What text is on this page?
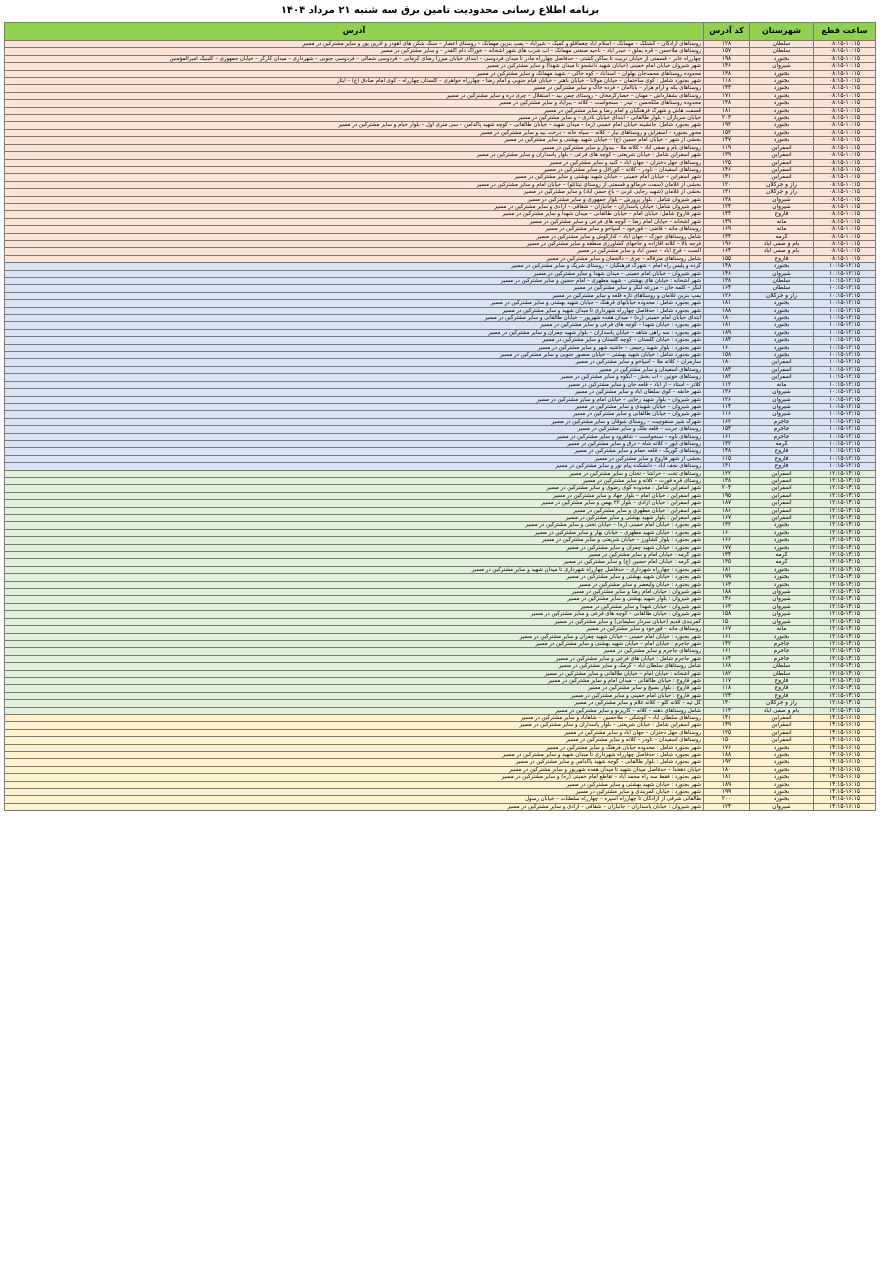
برنامه اطلاع رسانی محدودیت تامین برق سه شنبه ۲۱ مرداد ۱۴۰۴
ساعت قطع	شهرستان	کد آدرس	آدرس
۰۸:۱۵-۱۰:۱۵	سلطان	۱۲۸	روستاهای آزادگان – کشتلک – مهمانک – اسلام آباد چغماقلو و کمیک – شیرآباد – پمپ بنزین مهمانک – روستای اعصار – سنگ شکن های اهودر و آذرین پور و سایر مشترکین در مسیر
۰۸:۱۵-۱۰:۱۵	سلطان	۱۵۷	روستاهای ملاحسن – قره بملق – حیدر آباد – ناحیه صنعتی مهمانک – آب شرب های شهر آشخانه – خوراک دام اکفدر – و سایر مشترکین در مسیر
۰۸:۱۵-۱۰:۱۵	بجنورد	۱۹۸	چهارراه عابر – قسمتی از خیابان تربیت تا ساکن کشتی – حدفاصل چهارراه مادر تا میدان فردوسی – ابتدای خیابان میرزا رضای کرمانی – فردوسی شمالی – فردوسی جنوبی – شهرداری – میدان کارگر – خیابان جمهوری – کلینیک امیرالمؤمنین
۰۸:۱۵-۱۰:۱۵	شیروان	۱۴۶	شهر شیروان خیابان امام خمینی (خیابان شهید دانشجو تا میدان شهدا) و سایر مشترکین در مسیر
۰۸:۱۵-۱۰:۱۵	بجنورد	۱۳۸	محدوده روستاهای محمدخان بهلوان – اسدآباد – کوه خاکی – شهید مهمانک و سایر مشترکین در مسیر
۰۸:۱۵-۱۰:۱۵	بجنورد	۱۱۸	شهر بجنورد شامل : کوی ساختمان – خیابان مولانا – خیابان باهنر – خیابان قیام جنوبی و امام رضا – چهارراه خواهری – گلستان چهارراه – کوی امام صادق (ع) – ایثار
۰۸:۱۵-۱۰:۱۵	بجنورد	۱۴۳	روستاهای یکه و آرام هزار – باباامان – فرده خاک و سایر مشترکین در مسیر
۰۸:۱۵-۱۰:۱۵	بجنورد	۱۷۱	روستاهای بشقارداش – مهنان – حصارگرمخان – روستای چمن بید – استقلال – چری دره و سایر مشترکین در مسیر
۰۸:۱۵-۱۰:۱۵	بجنورد	۱۴۸	محدوده روستاهای ملکحسن – تیدر – سنخواست – کلاته – ببرآباد و سایر مشترکین در مسیر
۰۸:۱۵-۱۰:۱۵	بجنورد	۱۸۱	قسمت هاش و شهرک فرهنگیان و امام رضا و سایر مشترکین در مسیر
۰۸:۱۵-۱۰:۱۵	بجنورد	۲۰۳	خیابان سربازان – بلوار طالقانی – ابتدای خیابان نادری – و سایر مشترکین در مسیر
۰۸:۱۵-۱۰:۱۵	بجنورد	۱۹۲	شهر بجنورد شامل: جانشینه خیابان امام خمینی (ره) – میدان شهید – خیابان طالقانی – گوچه شهید پاکدامن – سی متری اول – بلوار خیام و سایر مشترکین در مسیر
۰۸:۱۵-۱۰:۱۵	بجنورد	۱۵۲	محور بجنورد – اسفراین و روستاهای بیار – کلاته – سیاه خانه – درخت بید و سایر مشترکین در مسیر
۰۸:۱۵-۱۰:۱۵	بجنورد	۱۴۷	بخشی از شهر – خیابان امام حسین (ع) – خیابان شهید بهشتی و سایر مشترکین در مسیر
۰۸:۱۵-۱۰:۱۵	اسفراین	۱۱۹	روستاهای بام و صفی آباد – کلاته ملا – بیدواز و سایر مشترکین در مسیر
۰۸:۱۵-۱۰:۱۵	اسفراین	۱۳۹	شهر اسفراین شامل : خیابان شریعتی – کوچه های فرعی – بلوار پاسداران و سایر مشترکین در مسیر
۰۸:۱۵-۱۰:۱۵	اسفراین	۱۲۵	روستاهای جهل دختران – جهان آباد – گنبد و سایر مشترکین در مسیر
۰۸:۱۵-۱۰:۱۵	اسفراین	۱۴۶	روستاهای اسفیدان – ناودر – کلاته – کوراغل و سایر مشترکین در مسیر
۰۸:۱۵-۱۰:۱۵	اسفراین	۱۴۱	شهر اسفراین – خیابان امام خمینی – خیابان شهید بهشتی و سایر مشترکین در مسیر
۰۸:۱۵-۱۰:۱۵	راز و جرگلان	۱۲۰	بخشی از غلامان (سمت خرمالو و قسمتی از روستای تیتانلو) – خیابان امام و سایر مشترکین در مسیر
۰۸:۱۵-۱۰:۱۵	راز و جرگلان	۱۳۱	بخشی از غلامان (شهید رجایی غربی – باغ حسن آباد) و سایر مشترکین در مسیر
۰۸:۱۵-۱۰:۱۵	شیروان	۱۳۸	شهر شیروان شامل : بلوار پرورش – بلوار جمهوری و سایر مشترکین در مسیر
۰۸:۱۵-۱۰:۱۵	شیروان	۱۲۴	شهر شیروان شامل: خیابان پاسداران – جانبازان – شقاقی – آزادی و سایر مشترکین در مسیر
۰۸:۱۵-۱۰:۱۵	فاروج	۱۴۴	شهر فاروج شامل: خیابان امام – خیابان طالقانی – میدان شهدا و سایر مشترکین در مسیر
۰۸:۱۵-۱۰:۱۵	مانه	۱۴۹	شهر آشخانه – خیابان امام رضا – کوچه های فرعی و سایر مشترکین در مسیر
۰۸:۱۵-۱۰:۱۵	مانه	۱۶۹	روستاهای مانه – قاضی – قورخود – اسپاخو و سایر مشترکین در مسیر
۰۸:۱۵-۱۰:۱۵	گرمه	۱۳۴	شامل روستاهای جوزک – جهان آباد – کنارگوش و سایر مشترکین در مسیر
۰۸:۱۵-۱۰:۱۵	بام و صفی آباد	۱۹۶	فرجه بالا – کلاته آقازاده و جاجهای کشاورزی منطقه و سایر مشترکین در مسیر
۰۸:۱۵-۱۰:۱۵	بام و صفی آباد	۱۶۴	الست – فرج آباد – حسن آباد و سایر مشترکین در مسیر
۰۸:۱۵-۱۰:۱۵	فاروج	۱۵۵	شامل روستاهای مترقاله – چری – دالجمان و سایر مشترکین در مسیر
۱۰:۱۵-۱۲:۱۵	بجنورد	۱۴۸	گرده و پلیس راه امام – شهرک فرهنگیان – روستای شریک و سایر مشترکین در مسیر
۱۰:۱۵-۱۲:۱۵	شیروان	۱۴۶	شهر شیروان – خیابان امام خمینی – میدان شهدا و سایر مشترکین در مسیر
۱۰:۱۵-۱۲:۱۵	سلطان	۱۳۸	شهر آشخانه : خیابان های بهشتی – شهید مطهری – امام حسین و سایر مشترکین در مسیر
۱۰:۱۵-۱۲:۱۵	سلطان	۱۶۴	لنگر – کلمه خان – مزرعه لنگر و سایر مشترکین در مسیر
۱۰:۱۵-۱۲:۱۵	راز و جرگلان	۱۲۶	پمپ بنزین غلامان و روستاهای تازه قلعه و سایر مشترکین در مسیر
۱۰:۱۵-۱۲:۱۵	بجنورد	۱۸۱	شهر بجنورد شامل : محدوده خیابانهای فرهنگ – خیابان شهید بهشتی و سایر مشترکین در مسیر
۱۰:۱۵-۱۲:۱۵	بجنورد	۱۸۸	شهر بجنورد شامل : حدفاصل چهارراه شهرداری تا میدان شهید و سایر مشترکین در مسیر
۱۰:۱۵-۱۲:۱۵	بجنورد	۱۸۰	ابتدای خیابان امام خمینی (ره) – میدان هفده شهریور – خیابان طالقانی و سایر مشترکین در مسیر
۱۰:۱۵-۱۲:۱۵	بجنورد	۱۸۱	شهر بجنورد : خیابان شهدا – کوچه های فرعی و سایر مشترکین در مسیر
۱۰:۱۵-۱۲:۱۵	بجنورد	۱۸۹	شهر بجنورد : سه راهی شاهد – خیابان پاسداران – بلوار شهید چمران و سایر مشترکین در مسیر
۱۰:۱۵-۱۲:۱۵	بجنورد	۱۸۴	شهر بجنورد : خیابان گلستان – کوچه گلستان و سایر مشترکین در مسیر
۱۰:۱۵-۱۲:۱۵	بجنورد	۱۶۰	شهر بجنورد : بلوار شهید رحیمی – حاشیه شهر و سایر مشترکین در مسیر
۱۰:۱۵-۱۲:۱۵	بجنورد	۱۵۸	شهر بجنورد شامل : خیابان شهید بهشتی – خیابان منصور جنوبی و سایر مشترکین در مسیر
۱۰:۱۵-۱۲:۱۵	اسفراین	۱۸۰	سارمران – کلاته ملا – اسپاخو و سایر مشترکین در مسیر
۱۰:۱۵-۱۲:۱۵	اسفراین	۱۸۳	روستاهای اسفیدان و سایر مشترکین در مسیر
۱۰:۱۵-۱۲:۱۵	اسفراین	۱۸۲	روستاهای خونین – آب بخش – آبکوه و سایر مشترکین در مسیر
۱۰:۱۵-۱۲:۱۵	مانه	۱۱۲	کلاتر – استاد – ار آباد – قلعه خان و سایر مشترکین در مسیر
۱۰:۱۵-۱۲:۱۵	شیروان	۱۳۶	شهر خانقه – کوی سلطان آباد و سایر مشترکین در مسیر
۱۰:۱۵-۱۲:۱۵	شیروان	۱۲۶	شهر شیروان – بلوار شهید رجایی – خیابان امام و سایر مشترکین در مسیر
۱۰:۱۵-۱۲:۱۵	شیروان	۱۱۴	شهر شیروان – خیابان شهیدی و سایر مشترکین در مسیر
۱۰:۱۵-۱۲:۱۵	شیروان	۱۱۶	شهر شیروان – خیابان طالقانی و سایر مشترکین در مسیر
۱۰:۱۵-۱۲:۱۵	جاجرم	۱۶۲	شهرک شیر سنقوچیت – روستای شوقان و سایر مشترکین در مسیر
۱۰:۱۵-۱۲:۱۵	جاجرم	۱۵۳	روستاهای جربت – قلعه ملک و سایر مشترکین در مسیر
۱۰:۱۵-۱۲:۱۵	جاجرم	۱۶۱	روستاهای ناوه – سنخواست – شاهرود و سایر مشترکین در مسیر
۱۰:۱۵-۱۲:۱۵	گرمه	۱۳۲	روستاهای ایور – کلاته شاه – درق و سایر مشترکین در مسیر
۱۰:۱۵-۱۲:۱۵	فاروج	۱۴۸	روستاهای گوریک – قلعه حمام و سایر مشترکین در مسیر
۱۰:۱۵-۱۲:۱۵	فاروج	۱۱۵	بخشی از شهر فاروج و سایر مشترکین در مسیر
۱۰:۱۵-۱۲:۱۵	فاروج	۱۳۱	روستاهای نجف آباد – دانشکده پیام نور و سایر مشترکین در مسیر
۱۲:۱۵-۱۴:۱۵	اسفراین	۱۲۲	روستاهای تخت – خراشا – تختان و سایر مشترکین در مسیر
۱۲:۱۵-۱۴:۱۵	اسفراین	۱۳۸	روستای قره قورت – کلاته و سایر مشترکین در مسیر
۱۲:۱۵-۱۴:۱۵	اسفراین	۲۰۴	شهر اسفراین شامل : محدوده کوی رضوی و سایر مشترکین در مسیر
۱۲:۱۵-۱۴:۱۵	اسفراین	۱۹۵	شهر اسفراین : خیابان امام – بلوار جهاد و سایر مشترکین در مسیر
۱۲:۱۵-۱۴:۱۵	اسفراین	۱۸۷	شهر اسفراین : خیابان آزادی – بلوار ۲۲ بهمن و سایر مشترکین در مسیر
۱۲:۱۵-۱۴:۱۵	اسفراین	۱۸۶	شهر اسفراین : خیابان مطهری و سایر مشترکین در مسیر
۱۲:۱۵-۱۴:۱۵	اسفراین	۱۶۷	شهر اسفراین : بلوار شهید بهشتی و سایر مشترکین در مسیر
۱۲:۱۵-۱۴:۱۵	بجنورد	۱۳۲	شهر بجنورد : خیابان امام خمینی (ره) – خیابان تختی و سایر مشترکین در مسیر
۱۲:۱۵-۱۴:۱۵	بجنورد	۱۶۰	شهر بجنورد : خیابان شهید مطهری – خیابان بهار و سایر مشترکین در مسیر
۱۲:۱۵-۱۴:۱۵	بجنورد	۱۶۶	شهر بجنورد : بلوار کشاورز – خیابان شریعتی و سایر مشترکین در مسیر
۱۲:۱۵-۱۴:۱۵	بجنورد	۱۷۷	شهر بجنورد : خیابان شهید چمران و سایر مشترکین در مسیر
۱۲:۱۵-۱۴:۱۵	گرمه	۱۳۴	شهر گرمه : خیابان امام و سایر مشترکین در مسیر
۱۲:۱۵-۱۴:۱۵	گرمه	۱۳۵	شهر گرمه : خیابان امام حسین (ع) و سایر مشترکین در مسیر
۱۲:۱۵-۱۴:۱۵	بجنورد	۱۸۱	شهر بجنورد : چهارراه شهرداری – حدفاصل چهارراه شهرداری تا میدان شهید و سایر مشترکین در مسیر
۱۲:۱۵-۱۴:۱۵	بجنورد	۱۹۹	شهر بجنورد : خیابان شهید بهشتی و سایر مشترکین در مسیر
۱۲:۱۵-۱۴:۱۵	بجنورد	۱۶۳	شهر بجنورد : خیابان ولیعصر و سایر مشترکین در مسیر
۱۲:۱۵-۱۴:۱۵	شیروان	۱۸۸	شهر شیروان : خیابان امام رضا و سایر مشترکین در مسیر
۱۲:۱۵-۱۴:۱۵	شیروان	۱۳۶	شهر شیروان : بلوار شهید بهشتی و سایر مشترکین در مسیر
۱۲:۱۵-۱۴:۱۵	شیروان	۱۶۳	شهر شیروان : خیابان شهدا و سایر مشترکین در مسیر
۱۲:۱۵-۱۴:۱۵	شیروان	۱۵۸	شهر شیروان : خیابان طالقانی – کوچه های فرعی و سایر مشترکین در مسیر
۱۲:۱۵-۱۴:۱۵	شیروان	۱۵۰	کمربندی قدیم (خیابان سردار سلیمانی) و سایر مشترکین در مسیر
۱۲:۱۵-۱۴:۱۵	مانه	۱۶۷	روستاهای مانه – قورخود و سایر مشترکین در مسیر
۱۲:۱۵-۱۴:۱۵	بجنورد	۱۶۱	شهر بجنورد : خیابان امام خمینی – خیابان شهید چمران و سایر مشترکین در مسیر
۱۲:۱۵-۱۴:۱۵	جاجرم	۱۴۲	شهر جاجرم : خیابان امام – خیابان شهید بهشتی و سایر مشترکین در مسیر
۱۲:۱۵-۱۴:۱۵	جاجرم	۱۶۱	روستاهای جاجرم و سایر مشترکین در مسیر
۱۲:۱۵-۱۴:۱۵	جاجرم	۱۶۴	شهر جاجرم شامل : خیابان های فرعی و سایر مشترکین در مسیر
۱۲:۱۵-۱۴:۱۵	سلطان	۱۶۸	شامل روستاهای سلطان آباد – گرمک و سایر مشترکین در مسیر
۱۲:۱۵-۱۴:۱۵	سلطان	۱۸۲	شهر آشخانه : خیابان امام – خیابان طالقانی و سایر مشترکین در مسیر
۱۲:۱۵-۱۴:۱۵	فاروج	۱۱۷	شهر فاروج : خیابان طالقانی – میدان امام و سایر مشترکین در مسیر
۱۲:۱۵-۱۴:۱۵	فاروج	۱۱۸	شهر فاروج : بلوار بسیج و سایر مشترکین در مسیر
۱۲:۱۵-۱۴:۱۵	فاروج	۱۲۴	شهر فاروج : خیابان امام خمینی و سایر مشترکین در مسیر
۱۲:۱۵-۱۴:۱۵	راز و جرگلان	۱۴۰	گل تپه – کلاته کلو – کلاته غلام و سایر مشترکین در مسیر
۱۲:۱۵-۱۴:۱۵	بام و صفی آباد	۱۱۳	شامل روستاهای دهنه – کلاته – کاریزنو و سایر مشترکین در مسیر
۱۴:۱۵-۱۶:۱۵	اسفراین	۱۴۱	روستاهای سلطان آباد – کوشکی – ملاحسین – شاهاباد و سایر مشترکین در مسیر
۱۴:۱۵-۱۶:۱۵	اسفراین	۱۴۹	شهر اسفراین شامل : خیابان شریعتی – بلوار پاسداران و سایر مشترکین در مسیر
۱۴:۱۵-۱۶:۱۵	اسفراین	۱۲۵	روستاهای جهل دختران – جهان آباد و سایر مشترکین در مسیر
۱۴:۱۵-۱۶:۱۵	اسفراین	۱۵۰	روستاهای اسفیدان – ناودر – کلاته و سایر مشترکین در مسیر
۱۴:۱۵-۱۶:۱۵	بجنورد	۱۷۶	شهر بجنورد شامل : محدوده خیابان فرهنگ و سایر مشترکین در مسیر
۱۴:۱۵-۱۶:۱۵	بجنورد	۱۸۸	شهر بجنورد شامل : حدفاصل چهارراه شهرداری تا میدان شهید و سایر مشترکین در مسیر
۱۴:۱۵-۱۶:۱۵	بجنورد	۱۹۲	شهر بجنورد شامل : بلوار طالقانی – گوچه شهید پاکدامن و سایر مشترکین در مسیر
۱۴:۱۵-۱۶:۱۵	بجنورد	۱۸۰	خیابان دهخدا – حدفاصل میدان شهید تا میدان هفده شهریور و سایر مشترکین در مسیر
۱۴:۱۵-۱۶:۱۵	بجنورد	۱۸۱	شهر بجنورد : فقط سه راه محمد آباد – تقاطع امام خمینی (ره) و سایر مشترکین در مسیر
۱۴:۱۵-۱۶:۱۵	بجنورد	۱۸۹	شهر بجنورد : خیابان شهید بهشتی و سایر مشترکین در مسیر
۱۴:۱۵-۱۶:۱۵	بجنورد	۱۹۹	شهر بجنورد : خیابان کمربندی و سایر مشترکین در مسیر
۱۴:۱۵-۱۶:۱۵	بجنورد	۲۰۰	طالقانی شرقی از آزادگان تا چهارراه اسپره – چهارراه سلطنات – خیابان رسول
۱۴:۱۵-۱۶:۱۵	شیروان	۱۲۴	شهر شیروان : خیابان پاسداران – جانبازان – شقاقی – آزادی و سایر مشترکین در مسیر
